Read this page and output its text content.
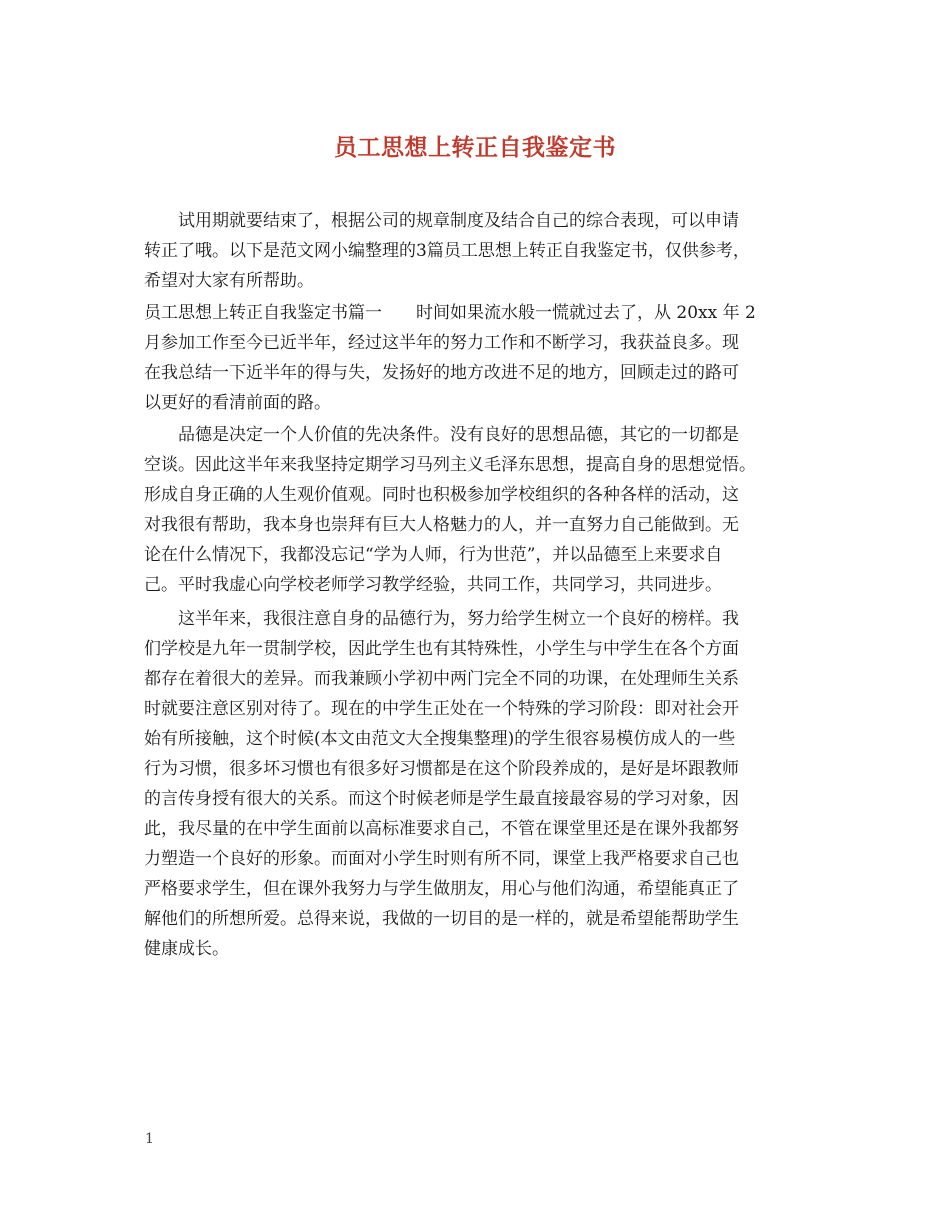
员工思想上转正自我鉴定书
试用期就要结束了，根据公司的规章制度及结合自己的综合表现，可以申请
转正了哦。以下是范文网小编整理的3篇员工思想上转正自我鉴定书，仅供参考，
希望对大家有所帮助。
员工思想上转正自我鉴定书篇一　　时间如果流水般一慌就过去了，从 20xx 年 2
月参加工作至今已近半年，经过这半年的努力工作和不断学习，我获益良多。现
在我总结一下近半年的得与失，发扬好的地方改进不足的地方，回顾走过的路可
以更好的看清前面的路。
品德是决定一个人价值的先决条件。没有良好的思想品德，其它的一切都是
空谈。因此这半年来我坚持定期学习马列主义毛泽东思想，提高自身的思想觉悟。
形成自身正确的人生观价值观。同时也积极参加学校组织的各种各样的活动，这
对我很有帮助，我本身也崇拜有巨大人格魅力的人，并一直努力自己能做到。无
论在什么情况下，我都没忘记“学为人师，行为世范”，并以品德至上来要求自
己。平时我虚心向学校老师学习教学经验，共同工作，共同学习，共同进步。
这半年来，我很注意自身的品德行为，努力给学生树立一个良好的榜样。我
们学校是九年一贯制学校，因此学生也有其特殊性，小学生与中学生在各个方面
都存在着很大的差异。而我兼顾小学初中两门完全不同的功课，在处理师生关系
时就要注意区别对待了。现在的中学生正处在一个特殊的学习阶段：即对社会开
始有所接触，这个时候(本文由范文大全搜集整理)的学生很容易模仿成人的一些
行为习惯，很多坏习惯也有很多好习惯都是在这个阶段养成的，是好是坏跟教师
的言传身授有很大的关系。而这个时候老师是学生最直接最容易的学习对象，因
此，我尽量的在中学生面前以高标准要求自己，不管在课堂里还是在课外我都努
力塑造一个良好的形象。而面对小学生时则有所不同，课堂上我严格要求自己也
严格要求学生，但在课外我努力与学生做朋友，用心与他们沟通，希望能真正了
解他们的所想所爱。总得来说，我做的一切目的是一样的，就是希望能帮助学生
健康成长。
1
